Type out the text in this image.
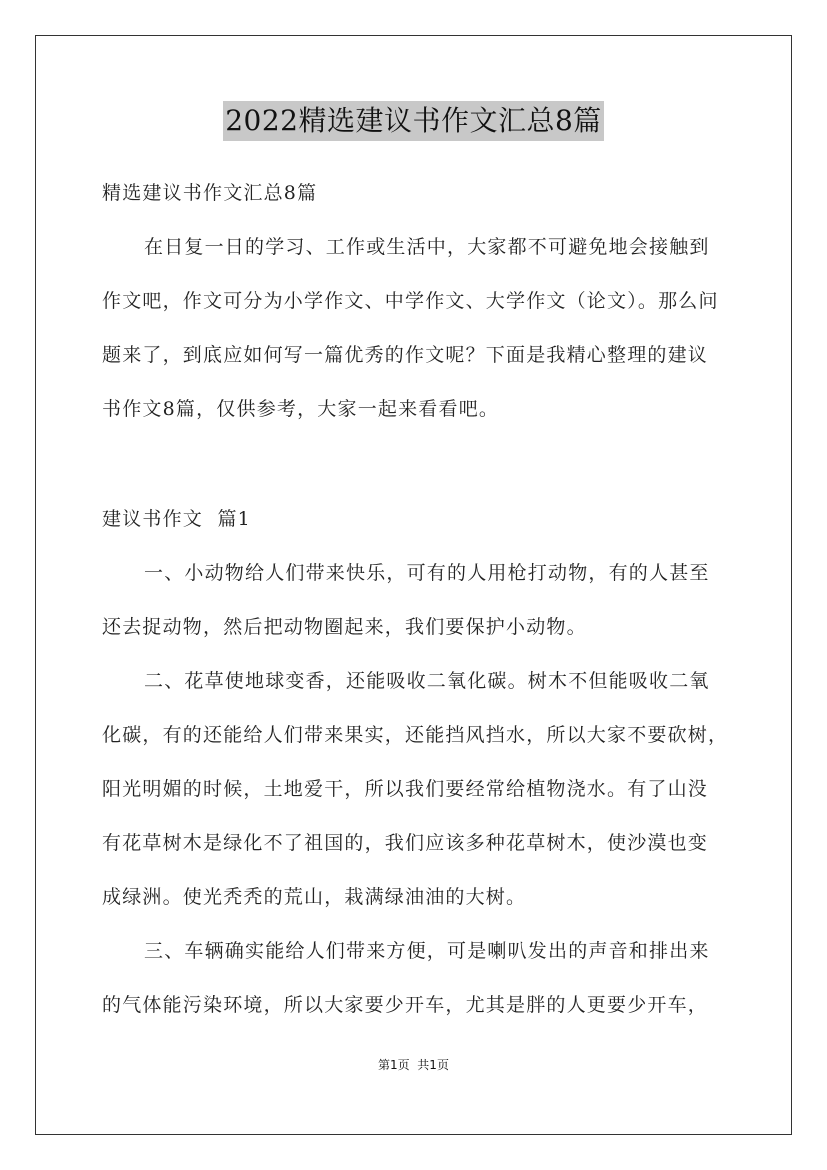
2022精选建议书作文汇总8篇

精选建议书作文汇总8篇

在日复一日的学习、工作或生活中，大家都不可避免地会接触到
作文吧，作文可分为小学作文、中学作文、大学作文（论文）。那么问
题来了，到底应如何写一篇优秀的作文呢？下面是我精心整理的建议
书作文8篇，仅供参考，大家一起来看看吧。

建议书作文  篇1

一、小动物给人们带来快乐，可有的人用枪打动物，有的人甚至
还去捉动物，然后把动物圈起来，我们要保护小动物。

二、花草使地球变香，还能吸收二氧化碳。树木不但能吸收二氧
化碳，有的还能给人们带来果实，还能挡风挡水，所以大家不要砍树，
阳光明媚的时候，土地爱干，所以我们要经常给植物浇水。有了山没
有花草树木是绿化不了祖国的，我们应该多种花草树木，使沙漠也变
成绿洲。使光秃秃的荒山，栽满绿油油的大树。

三、车辆确实能给人们带来方便，可是喇叭发出的声音和排出来
的气体能污染环境，所以大家要少开车，尤其是胖的人更要少开车，

第1页  共1页
